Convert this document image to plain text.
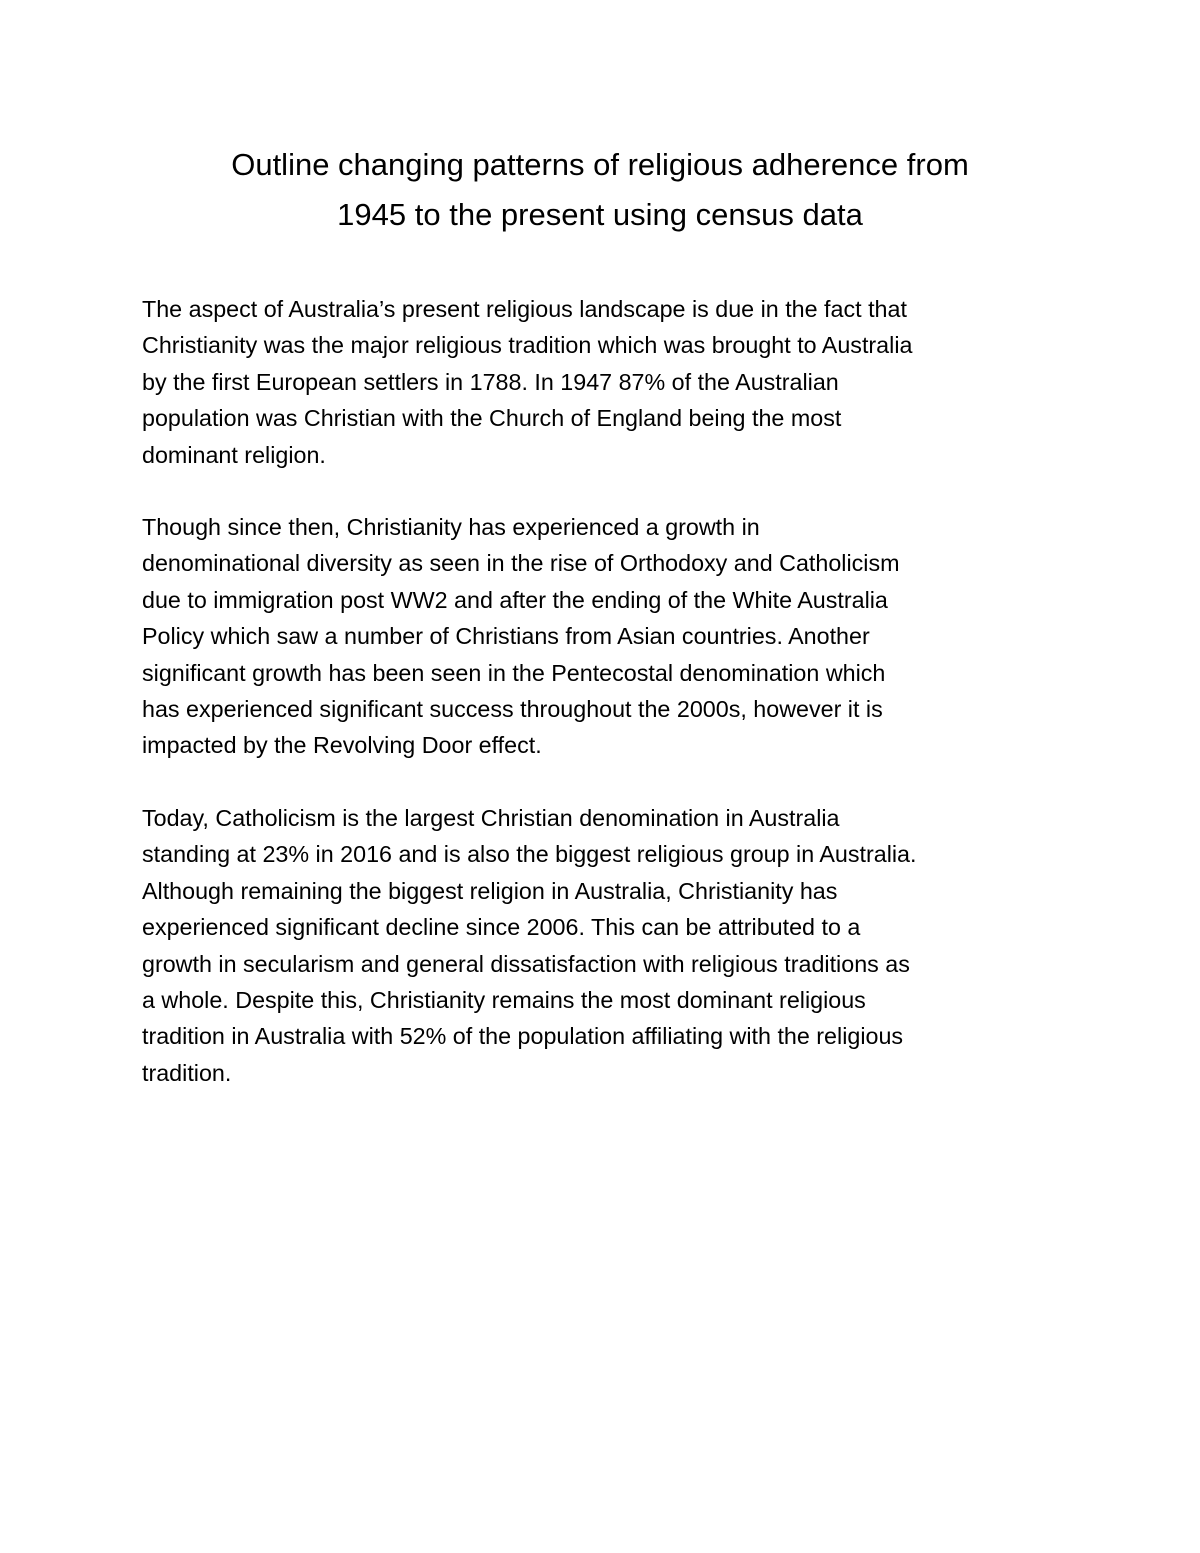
Outline changing patterns of religious adherence from
1945 to the present using census data

The aspect of Australia’s present religious landscape is due in the fact that
Christianity was the major religious tradition which was brought to Australia
by the first European settlers in 1788. In 1947 87% of the Australian
population was Christian with the Church of England being the most
dominant religion.

Though since then, Christianity has experienced a growth in
denominational diversity as seen in the rise of Orthodoxy and Catholicism
due to immigration post WW2 and after the ending of the White Australia
Policy which saw a number of Christians from Asian countries. Another
significant growth has been seen in the Pentecostal denomination which
has experienced significant success throughout the 2000s, however it is
impacted by the Revolving Door effect.

Today, Catholicism is the largest Christian denomination in Australia
standing at 23% in 2016 and is also the biggest religious group in Australia.
Although remaining the biggest religion in Australia, Christianity has
experienced significant decline since 2006. This can be attributed to a
growth in secularism and general dissatisfaction with religious traditions as
a whole. Despite this, Christianity remains the most dominant religious
tradition in Australia with 52% of the population affiliating with the religious
tradition.
